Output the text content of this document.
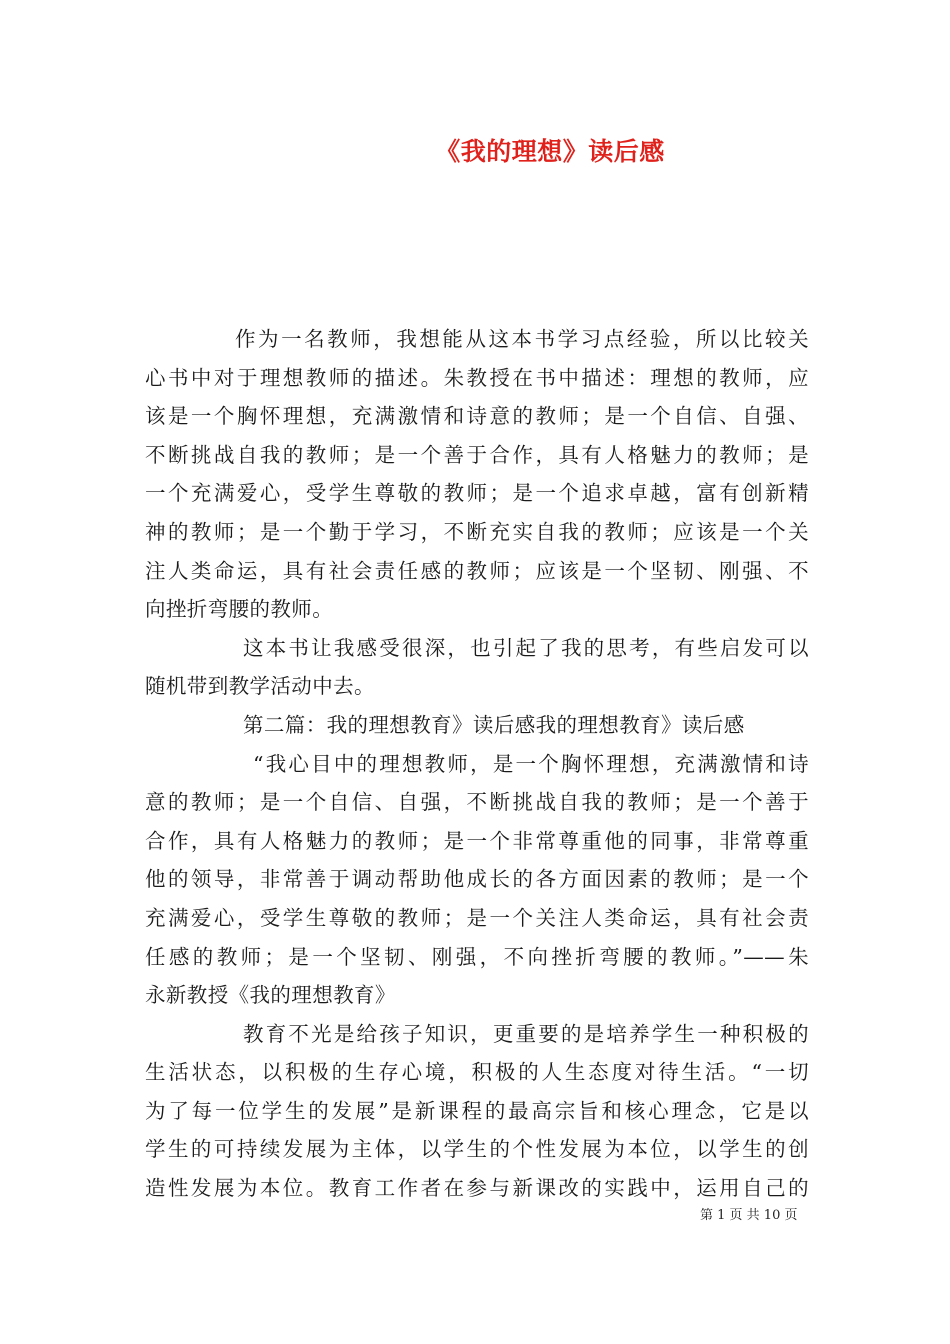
《我的理想》读后感
作为一名教师，我想能从这本书学习点经验，所以比较关
心书中对于理想教师的描述。朱教授在书中描述：理想的教师，应
该是一个胸怀理想，充满激情和诗意的教师；是一个自信、自强、
不断挑战自我的教师；是一个善于合作，具有人格魅力的教师；是
一个充满爱心，受学生尊敬的教师；是一个追求卓越，富有创新精
神的教师；是一个勤于学习，不断充实自我的教师；应该是一个关
注人类命运，具有社会责任感的教师；应该是一个坚韧、刚强、不
向挫折弯腰的教师。
这本书让我感受很深，也引起了我的思考，有些启发可以
随机带到教学活动中去。
第二篇：我的理想教育》读后感我的理想教育》读后感
“我心目中的理想教师，是一个胸怀理想，充满激情和诗
意的教师；是一个自信、自强，不断挑战自我的教师；是一个善于
合作，具有人格魅力的教师；是一个非常尊重他的同事，非常尊重
他的领导，非常善于调动帮助他成长的各方面因素的教师；是一个
充满爱心，受学生尊敬的教师；是一个关注人类命运，具有社会责
任感的教师；是一个坚韧、刚强，不向挫折弯腰的教师。”——朱
永新教授《我的理想教育》
教育不光是给孩子知识，更重要的是培养学生一种积极的
生活状态，以积极的生存心境，积极的人生态度对待生活。“一切
为了每一位学生的发展”是新课程的最高宗旨和核心理念，它是以
学生的可持续发展为主体，以学生的个性发展为本位，以学生的创
造性发展为本位。教育工作者在参与新课改的实践中，运用自己的
第 1 页 共 10 页
